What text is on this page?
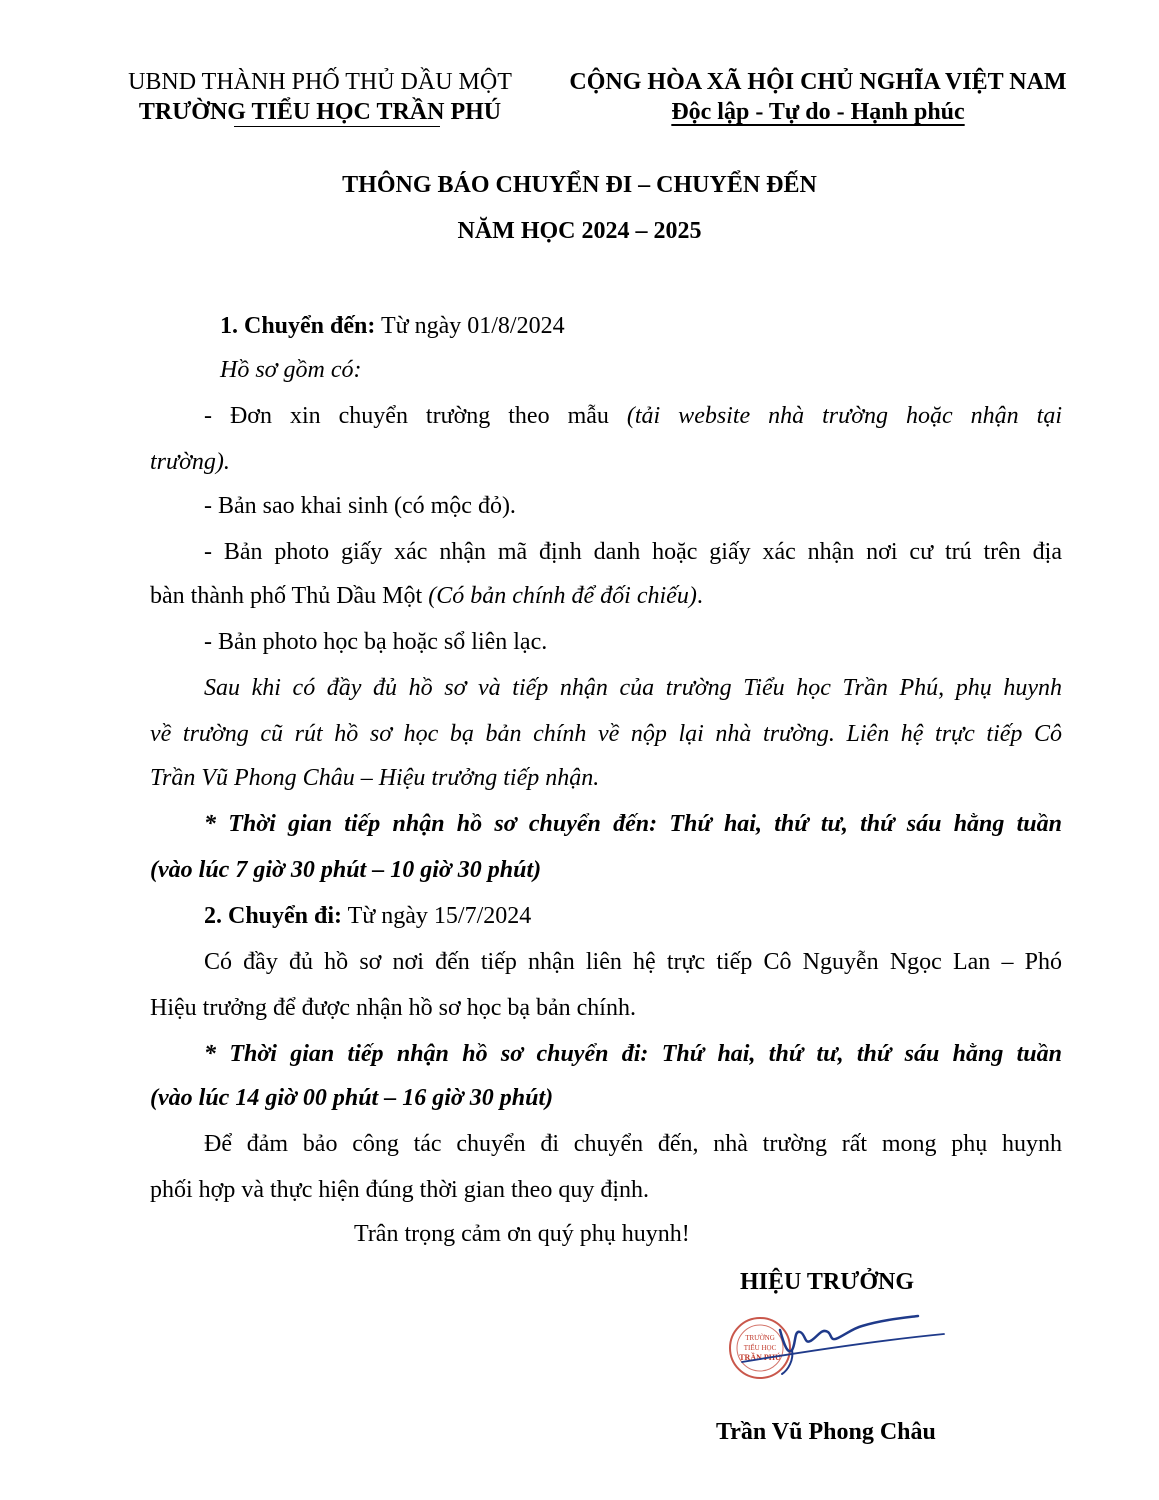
UBND THÀNH PHỐ THỦ DẦU MỘT
TRƯỜNG TIỂU HỌC TRẦN PHÚ
CỘNG HÒA XÃ HỘI CHỦ NGHĨA VIỆT NAM
Độc lập - Tự do - Hạnh phúc
THÔNG BÁO CHUYỂN ĐI – CHUYỂN ĐẾN
NĂM HỌC 2024 – 2025
1. Chuyển đến: Từ ngày 01/8/2024
Hồ sơ gồm có:
- Đơn xin chuyển trường theo mẫu (tải website nhà trường hoặc nhận tại
trường).
- Bản sao khai sinh (có mộc đỏ).
- Bản photo giấy xác nhận mã định danh hoặc giấy xác nhận nơi cư trú trên địa
bàn thành phố Thủ Dầu Một (Có bản chính để đối chiếu).
- Bản photo học bạ hoặc sổ liên lạc.
Sau khi có đầy đủ hồ sơ và tiếp nhận của trường Tiểu học Trần Phú, phụ huynh
về trường cũ rút hồ sơ học bạ bản chính về nộp lại nhà trường. Liên hệ trực tiếp Cô
Trần Vũ Phong Châu – Hiệu trưởng tiếp nhận.
* Thời gian tiếp nhận hồ sơ chuyển đến: Thứ hai, thứ tư, thứ sáu hằng tuần
(vào lúc 7 giờ 30 phút – 10 giờ 30 phút)
2. Chuyển đi: Từ ngày 15/7/2024
Có đầy đủ hồ sơ nơi đến tiếp nhận liên hệ trực tiếp Cô Nguyễn Ngọc Lan – Phó
Hiệu trưởng để được nhận hồ sơ học bạ bản chính.
* Thời gian tiếp nhận hồ sơ chuyển đi: Thứ hai, thứ tư, thứ sáu hằng tuần
(vào lúc 14 giờ 00 phút – 16 giờ 30 phút)
Để đảm bảo công tác chuyển đi chuyển đến, nhà trường rất mong phụ huynh
phối hợp và thực hiện đúng thời gian theo quy định.
Trân trọng cảm ơn quý phụ huynh!
HIỆU TRƯỞNG
TRƯỜNG
TIỂU HỌC
TRẦN PHÚ
Trần Vũ Phong Châu
